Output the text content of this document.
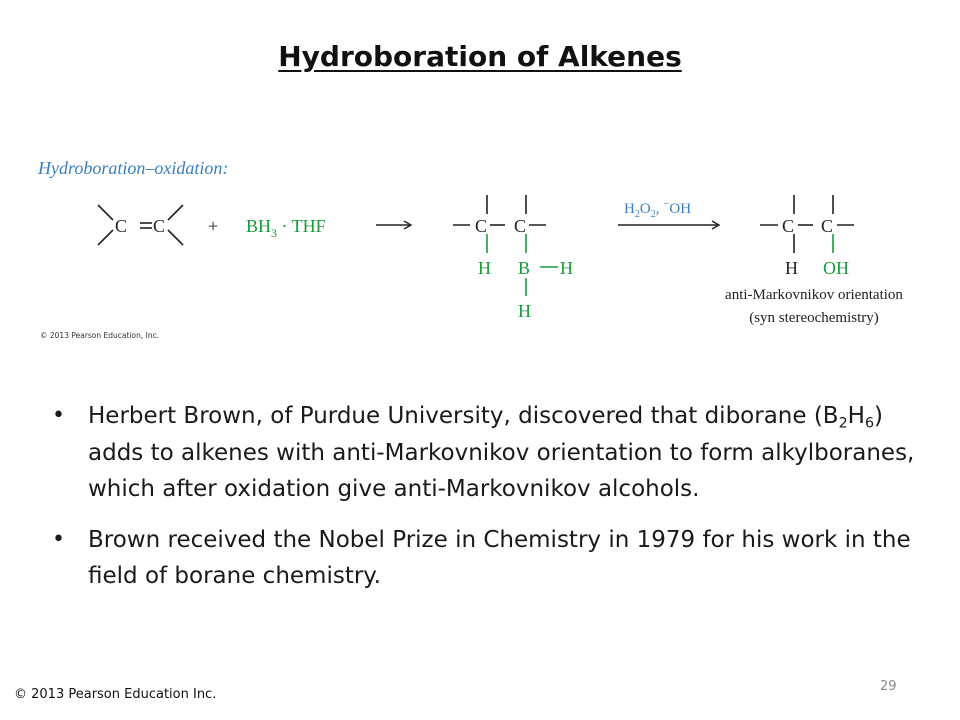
Hydroboration of Alkenes
Hydroboration–oxidation:
C $C + BH_3$ · THF	C C
H B H
H
$H_2O_2$, −OH
C C
H OH
anti-Markovnikov orientation
(syn stereochemistry)
© 2013 Pearson Education, Inc.
• Herbert Brown, of Purdue University, discovered that diborane $(B_2H_6)$ adds to alkenes with anti-Markovnikov orientation to form alkylboranes, which after oxidation give anti-Markovnikov alcohols.
• Brown received the Nobel Prize in Chemistry in 1979 for his work in the field of borane chemistry.
© 2013 Pearson Education Inc.
29
